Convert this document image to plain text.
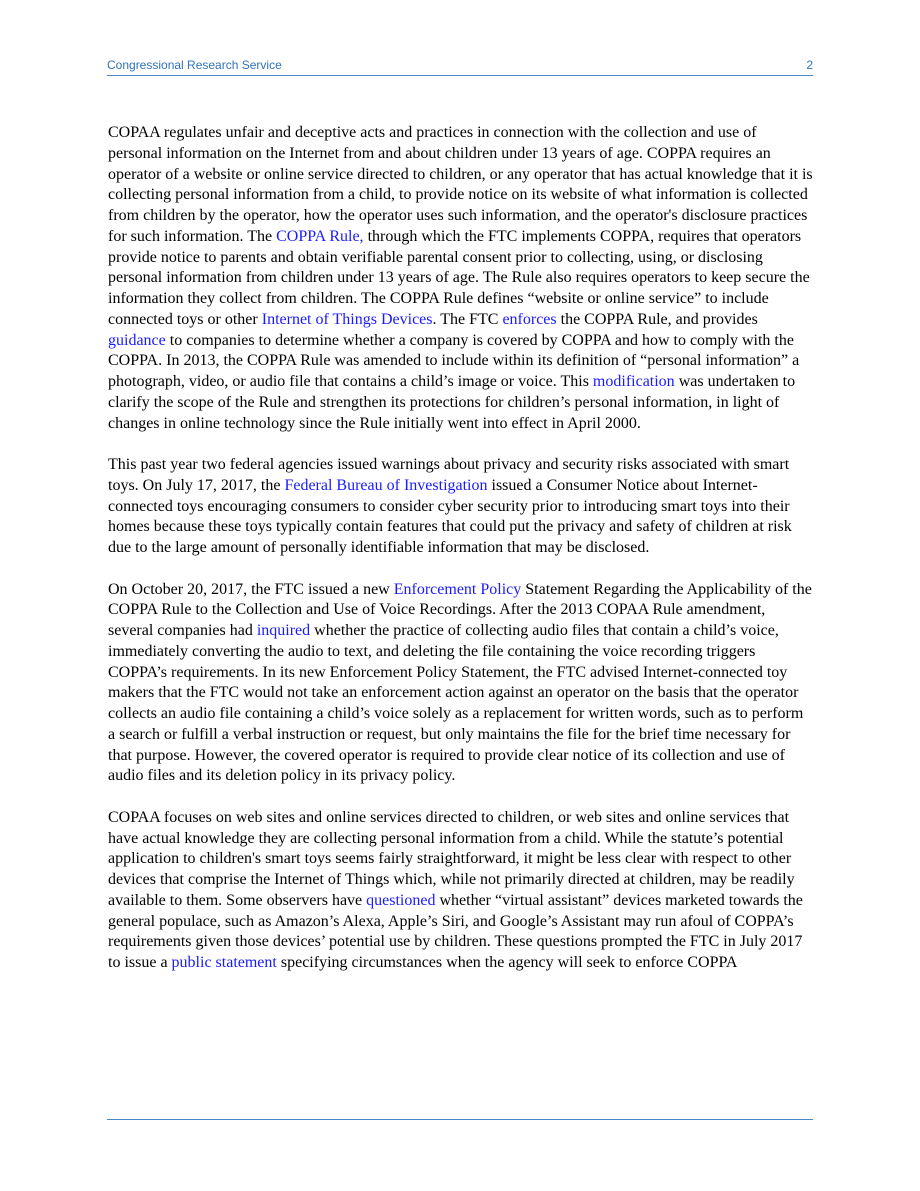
Congressional Research Service	2

COPAA regulates unfair and deceptive acts and practices in connection with the collection and use of personal information on the Internet from and about children under 13 years of age. COPPA requires an operator of a website or online service directed to children, or any operator that has actual knowledge that it is collecting personal information from a child, to provide notice on its website of what information is collected from children by the operator, how the operator uses such information, and the operator's disclosure practices for such information. The COPPA Rule, through which the FTC implements COPPA, requires that operators provide notice to parents and obtain verifiable parental consent prior to collecting, using, or disclosing personal information from children under 13 years of age. The Rule also requires operators to keep secure the information they collect from children. The COPPA Rule defines “website or online service” to include connected toys or other Internet of Things Devices. The FTC enforces the COPPA Rule, and provides guidance to companies to determine whether a company is covered by COPPA and how to comply with the COPPA. In 2013, the COPPA Rule was amended to include within its definition of “personal information” a photograph, video, or audio file that contains a child’s image or voice. This modification was undertaken to clarify the scope of the Rule and strengthen its protections for children’s personal information, in light of changes in online technology since the Rule initially went into effect in April 2000.

This past year two federal agencies issued warnings about privacy and security risks associated with smart toys. On July 17, 2017, the Federal Bureau of Investigation issued a Consumer Notice about Internet-connected toys encouraging consumers to consider cyber security prior to introducing smart toys into their homes because these toys typically contain features that could put the privacy and safety of children at risk due to the large amount of personally identifiable information that may be disclosed.

On October 20, 2017, the FTC issued a new Enforcement Policy Statement Regarding the Applicability of the COPPA Rule to the Collection and Use of Voice Recordings. After the 2013 COPAA Rule amendment, several companies had inquired whether the practice of collecting audio files that contain a child’s voice, immediately converting the audio to text, and deleting the file containing the voice recording triggers COPPA’s requirements. In its new Enforcement Policy Statement, the FTC advised Internet-connected toy makers that the FTC would not take an enforcement action against an operator on the basis that the operator collects an audio file containing a child’s voice solely as a replacement for written words, such as to perform a search or fulfill a verbal instruction or request, but only maintains the file for the brief time necessary for that purpose. However, the covered operator is required to provide clear notice of its collection and use of audio files and its deletion policy in its privacy policy.

COPAA focuses on web sites and online services directed to children, or web sites and online services that have actual knowledge they are collecting personal information from a child. While the statute’s potential application to children's smart toys seems fairly straightforward, it might be less clear with respect to other devices that comprise the Internet of Things which, while not primarily directed at children, may be readily available to them. Some observers have questioned whether “virtual assistant” devices marketed towards the general populace, such as Amazon’s Alexa, Apple’s Siri, and Google’s Assistant may run afoul of COPPA’s requirements given those devices’ potential use by children. These questions prompted the FTC in July 2017 to issue a public statement specifying circumstances when the agency will seek to enforce COPPA
